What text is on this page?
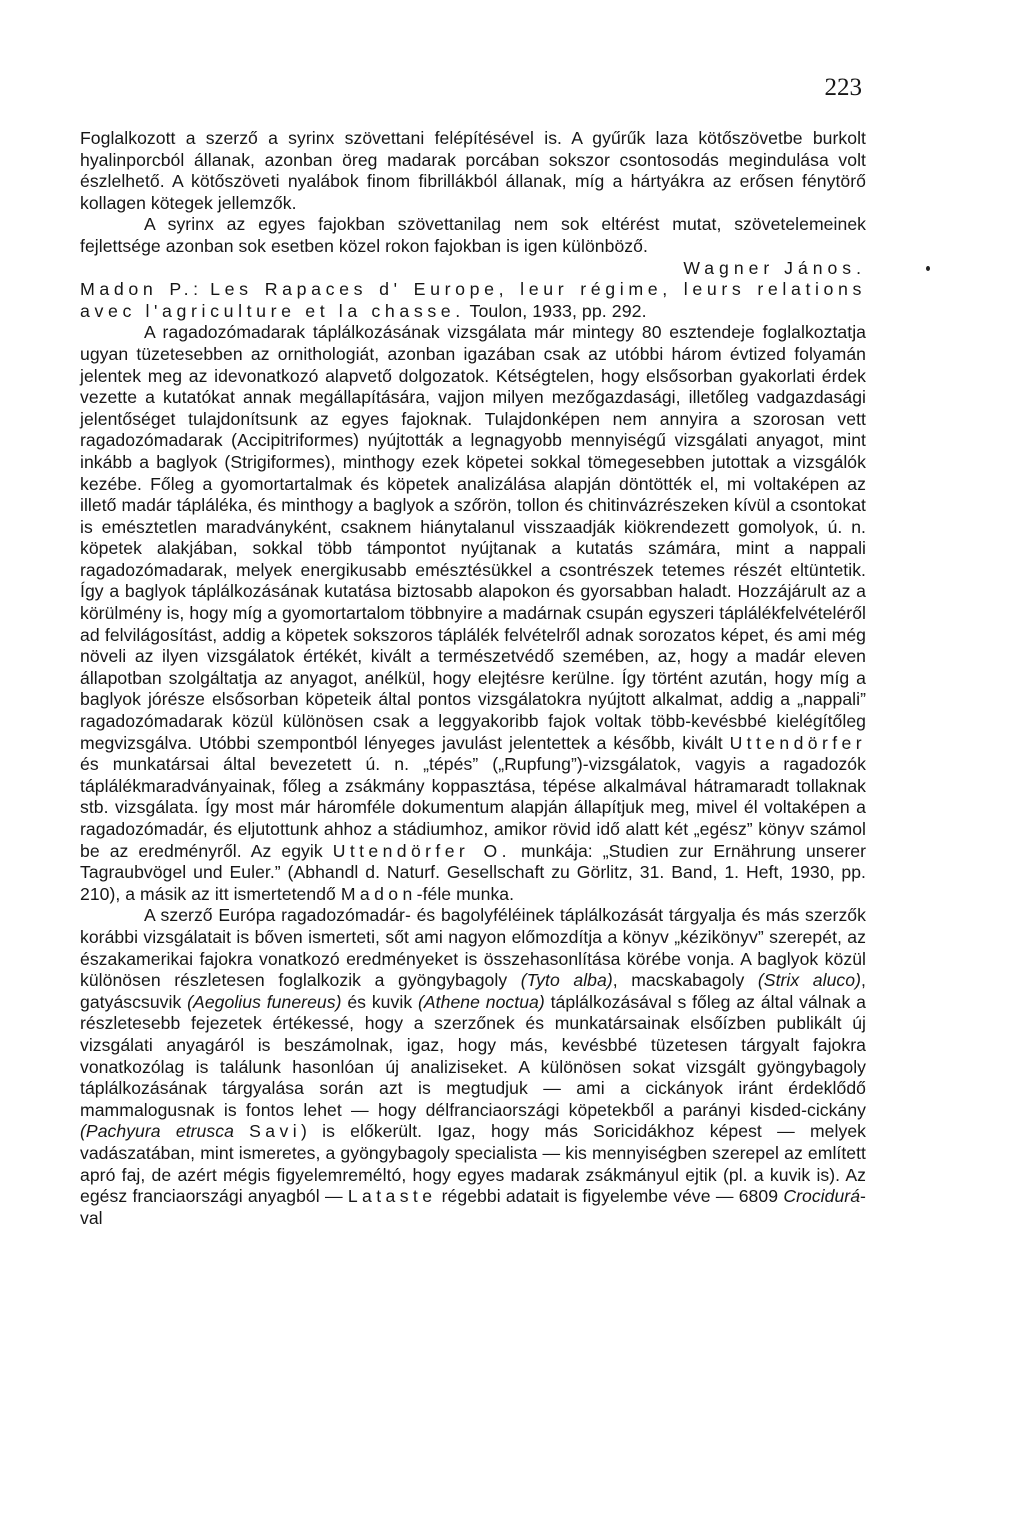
223

Foglalkozott a szerző a syrinx szövettani felépítésével is. A gyűrűk laza kötőszövetbe burkolt hyalinporcból állanak, azonban öreg madarak porcában sokszor csontosodás megindulása volt észlelhető. A kötőszöveti nyalábok finom fibrillákból állanak, míg a hártyákra az erősen fénytörő kollagen kötegek jellemzők.

A syrinx az egyes fajokban szövettanilag nem sok eltérést mutat, szövetelemeinek fejlettsége azonban sok esetben közel rokon fajokban is igen különböző.

Wagner János.

Madon P.: Les Rapaces d' Europe, leur régime, leurs relations avec l'agriculture et la chasse. Toulon, 1933, pp. 292.

A ragadozómadarak táplálkozásának vizsgálata már mintegy 80 esztendeje foglalkoztatja ugyan tüzetesebben az ornithologiát, azonban igazában csak az utóbbi három évtized folyamán jelentek meg az idevonatkozó alapvető dolgozatok. Kétségtelen, hogy elsősorban gyakorlati érdek vezette a kutatókat annak megállapítására, vajjon milyen mezőgazdasági, illetőleg vadgazdasági jelentőséget tulajdonítsunk az egyes fajoknak. Tulajdonképen nem annyira a szorosan vett ragadozómadarak (Accipitriformes) nyújtották a legnagyobb mennyiségű vizsgálati anyagot, mint inkább a baglyok (Strigiformes), minthogy ezek köpetei sokkal tömegesebben jutottak a vizsgálók kezébe. Főleg a gyomortartalmak és köpetek analizálása alapján döntötték el, mi voltaképen az illető madár tápláléka, és minthogy a baglyok a szőrön, tollon és chitinvázrészeken kívül a csontokat is emésztetlen maradványként, csaknem hiánytalanul visszaadják kiökrendezett gomolyok, ú. n. köpetek alakjában, sokkal több támpontot nyújtanak a kutatás számára, mint a nappali ragadozómadarak, melyek energikusabb emésztésükkel a csontrészek tetemes részét eltüntetik. Így a baglyok táplálkozásának kutatása biztosabb alapokon és gyorsabban haladt. Hozzájárult az a körülmény is, hogy míg a gyomortartalom többnyire a madárnak csupán egyszeri táplálékfelvételéről ad felvilágosítást, addig a köpetek sokszoros táplálék felvételről adnak sorozatos képet, és ami még növeli az ilyen vizsgálatok értékét, kivált a természetvédő szemében, az, hogy a madár eleven állapotban szolgáltatja az anyagot, anélkül, hogy elejtésre kerülne. Így történt azután, hogy míg a baglyok jórésze elsősorban köpeteik által pontos vizsgálatokra nyújtott alkalmat, addig a „nappali” ragadozómadarak közül különösen csak a leggyakoribb fajok voltak több-kevésbbé kielégítőleg megvizsgálva. Utóbbi szempontból lényeges javulást jelentettek a később, kivált Uttendörfer és munkatársai által bevezetett ú. n. „tépés” („Rupfung”)-vizsgálatok, vagyis a ragadozók táplálékmaradványainak, főleg a zsákmány koppasztása, tépése alkalmával hátramaradt tollaknak stb. vizsgálata. Így most már háromféle dokumentum alapján állapítjuk meg, mivel él voltaképen a ragadozómadár, és eljutottunk ahhoz a stádiumhoz, amikor rövid idő alatt két „egész” könyv számol be az eredményről. Az egyik Uttendörfer O. munkája: „Studien zur Ernährung unserer Tagraubvögel und Euler.” (Abhandl d. Naturf. Gesellschaft zu Görlitz, 31. Band, 1. Heft, 1930, pp. 210), a másik az itt ismertetendő Madon-féle munka.

A szerző Európa ragadozómadár- és bagolyféléinek táplálkozását tárgyalja és más szerzők korábbi vizsgálatait is bőven ismerteti, sőt ami nagyon előmozdítja a könyv „kézikönyv” szerepét, az északamerikai fajokra vonatkozó eredményeket is összehasonlítása körébe vonja. A baglyok közül különösen részletesen foglalkozik a gyöngybagoly (Tyto alba), macskabagoly (Strix aluco), gatyáscsuvik (Aegolius funereus) és kuvik (Athene noctua) táplálkozásával s főleg az által válnak a részletesebb fejezetek értékessé, hogy a szerzőnek és munkatársainak elsőízben publikált új vizsgálati anyagáról is beszámolnak, igaz, hogy más, kevésbbé tüzetesen tárgyalt fajokra vonatkozólag is találunk hasonlóan új analiziseket. A különösen sokat vizsgált gyöngybagoly táplálkozásának tárgyalása során azt is megtudjuk — ami a cickányok iránt érdeklődő mammalogusnak is fontos lehet — hogy délfranciaországi köpetekből a parányi kisded-cickány (Pachyura etrusca Savi) is előkerült. Igaz, hogy más Soricidákhoz képest — melyek vadászatában, mint ismeretes, a gyöngybagoly specialista — kis mennyiségben szerepel az említett apró faj, de azért mégis figyelemreméltó, hogy egyes madarak zsákmányul ejtik (pl. a kuvik is). Az egész franciaországi anyagból — Lataste régebbi adatait is figyelembe véve — 6809 Crocidurá-val
